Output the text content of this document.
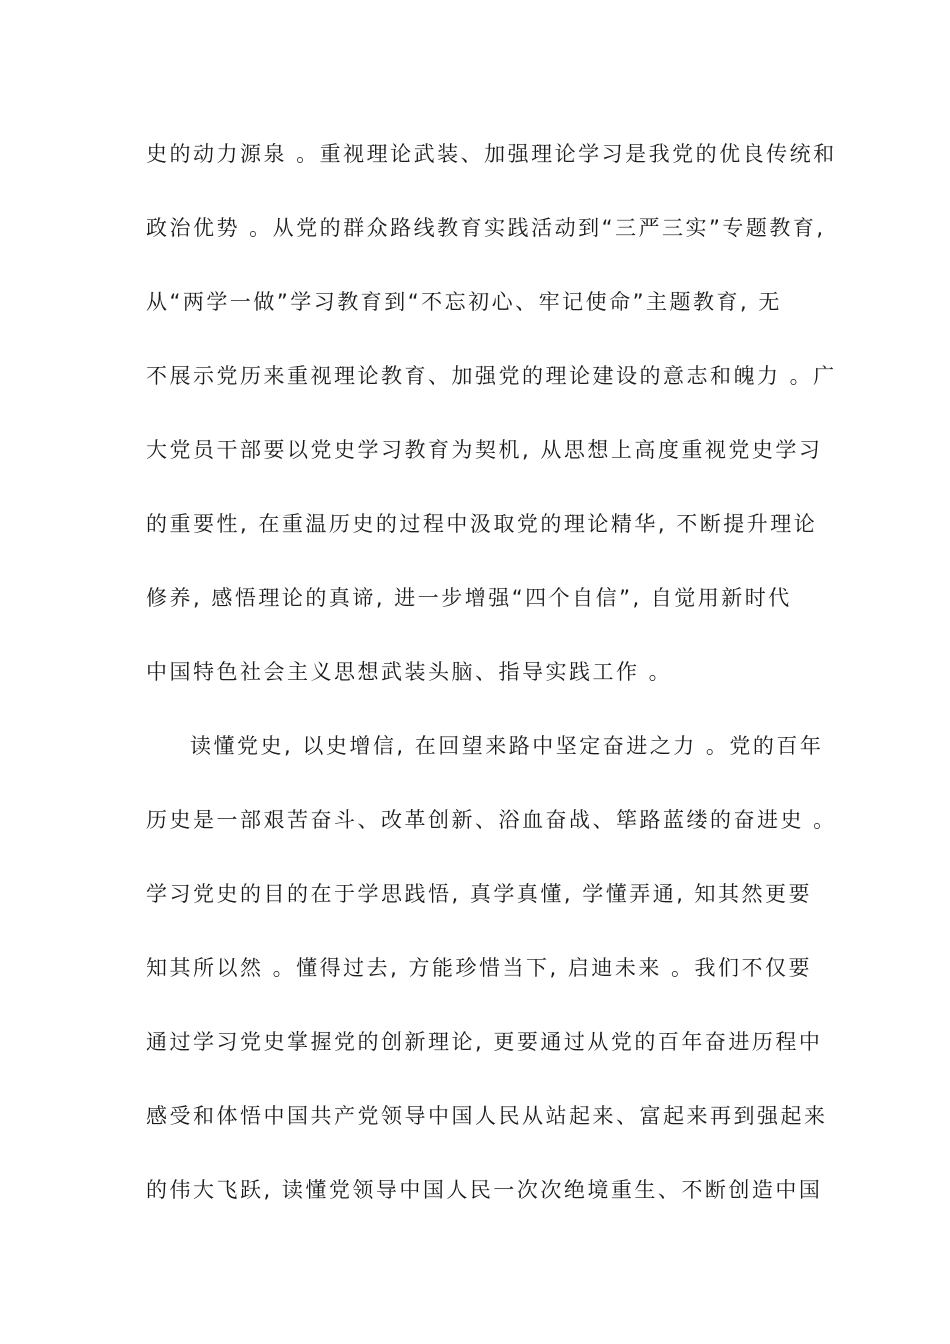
史的动力源泉 。重视理论武装、加强理论学习是我党的优良传统和
政治优势 。从党的群众路线教育实践活动到“三严三实”专题教育,
从“两学一做”学习教育到“不忘初心、牢记使命”主题教育, 无
不展示党历来重视理论教育、加强党的理论建设的意志和魄力 。广
大党员干部要以党史学习教育为契机, 从思想上高度重视党史学习
的重要性, 在重温历史的过程中汲取党的理论精华, 不断提升理论
修养, 感悟理论的真谛, 进一步增强“四个自信”, 自觉用新时代
中国特色社会主义思想武装头脑、指导实践工作 。
读懂党史, 以史增信, 在回望来路中坚定奋进之力 。党的百年
历史是一部艰苦奋斗、改革创新、浴血奋战、筚路蓝缕的奋进史 。
学习党史的目的在于学思践悟, 真学真懂, 学懂弄通, 知其然更要
知其所以然 。懂得过去, 方能珍惜当下, 启迪未来 。我们不仅要
通过学习党史掌握党的创新理论, 更要通过从党的百年奋进历程中
感受和体悟中国共产党领导中国人民从站起来、富起来再到强起来
的伟大飞跃, 读懂党领导中国人民一次次绝境重生、不断创造中国
